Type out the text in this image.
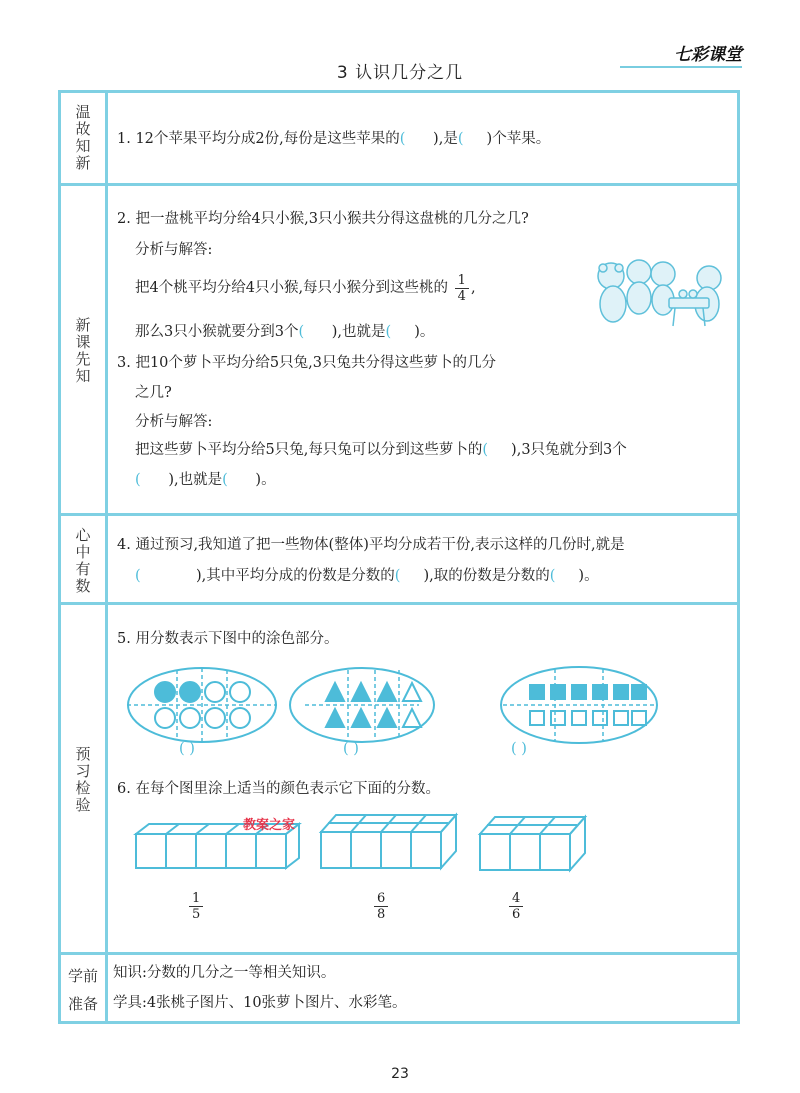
3 认识几分之几
七彩课堂
温故知新 1. 12个苹果平均分成2份,每份是这些苹果的(      ),是(     )个苹果。
新课先知
2. 把一盘桃平均分给4只小猴,3只小猴共分得这盘桃的几分之几?
分析与解答:
把4个桃平均分给4只小猴,每只小猴分到这些桃的 $\frac{1}{4}$ ,
那么3只小猴就要分到3个(      ),也就是(     )。
3. 把10个萝卜平均分给5只兔,3只兔共分得这些萝卜的几分
之几?
分析与解答:
把这些萝卜平均分给5只兔,每只兔可以分到这些萝卜的(     ),3只兔就分到3个
(      ),也就是(      )。
心中有数 4. 通过预习,我知道了把一些物体(整体)平均分成若干份,表示这样的几份时,就是
(            ),其中平均分成的份数是分数的(     ),取的份数是分数的(     )。
预习检验
5. 用分数表示下图中的涂色部分。
( )	( )	( )
6. 在每个图里涂上适当的颜色表示它下面的分数。
教案之家
$\frac{1}{5}$	$\frac{6}{8}$	$\frac{4}{6}$
学前
准备
知识:分数的几分之一等相关知识。
学具:4张桃子图片、10张萝卜图片、水彩笔。
23
